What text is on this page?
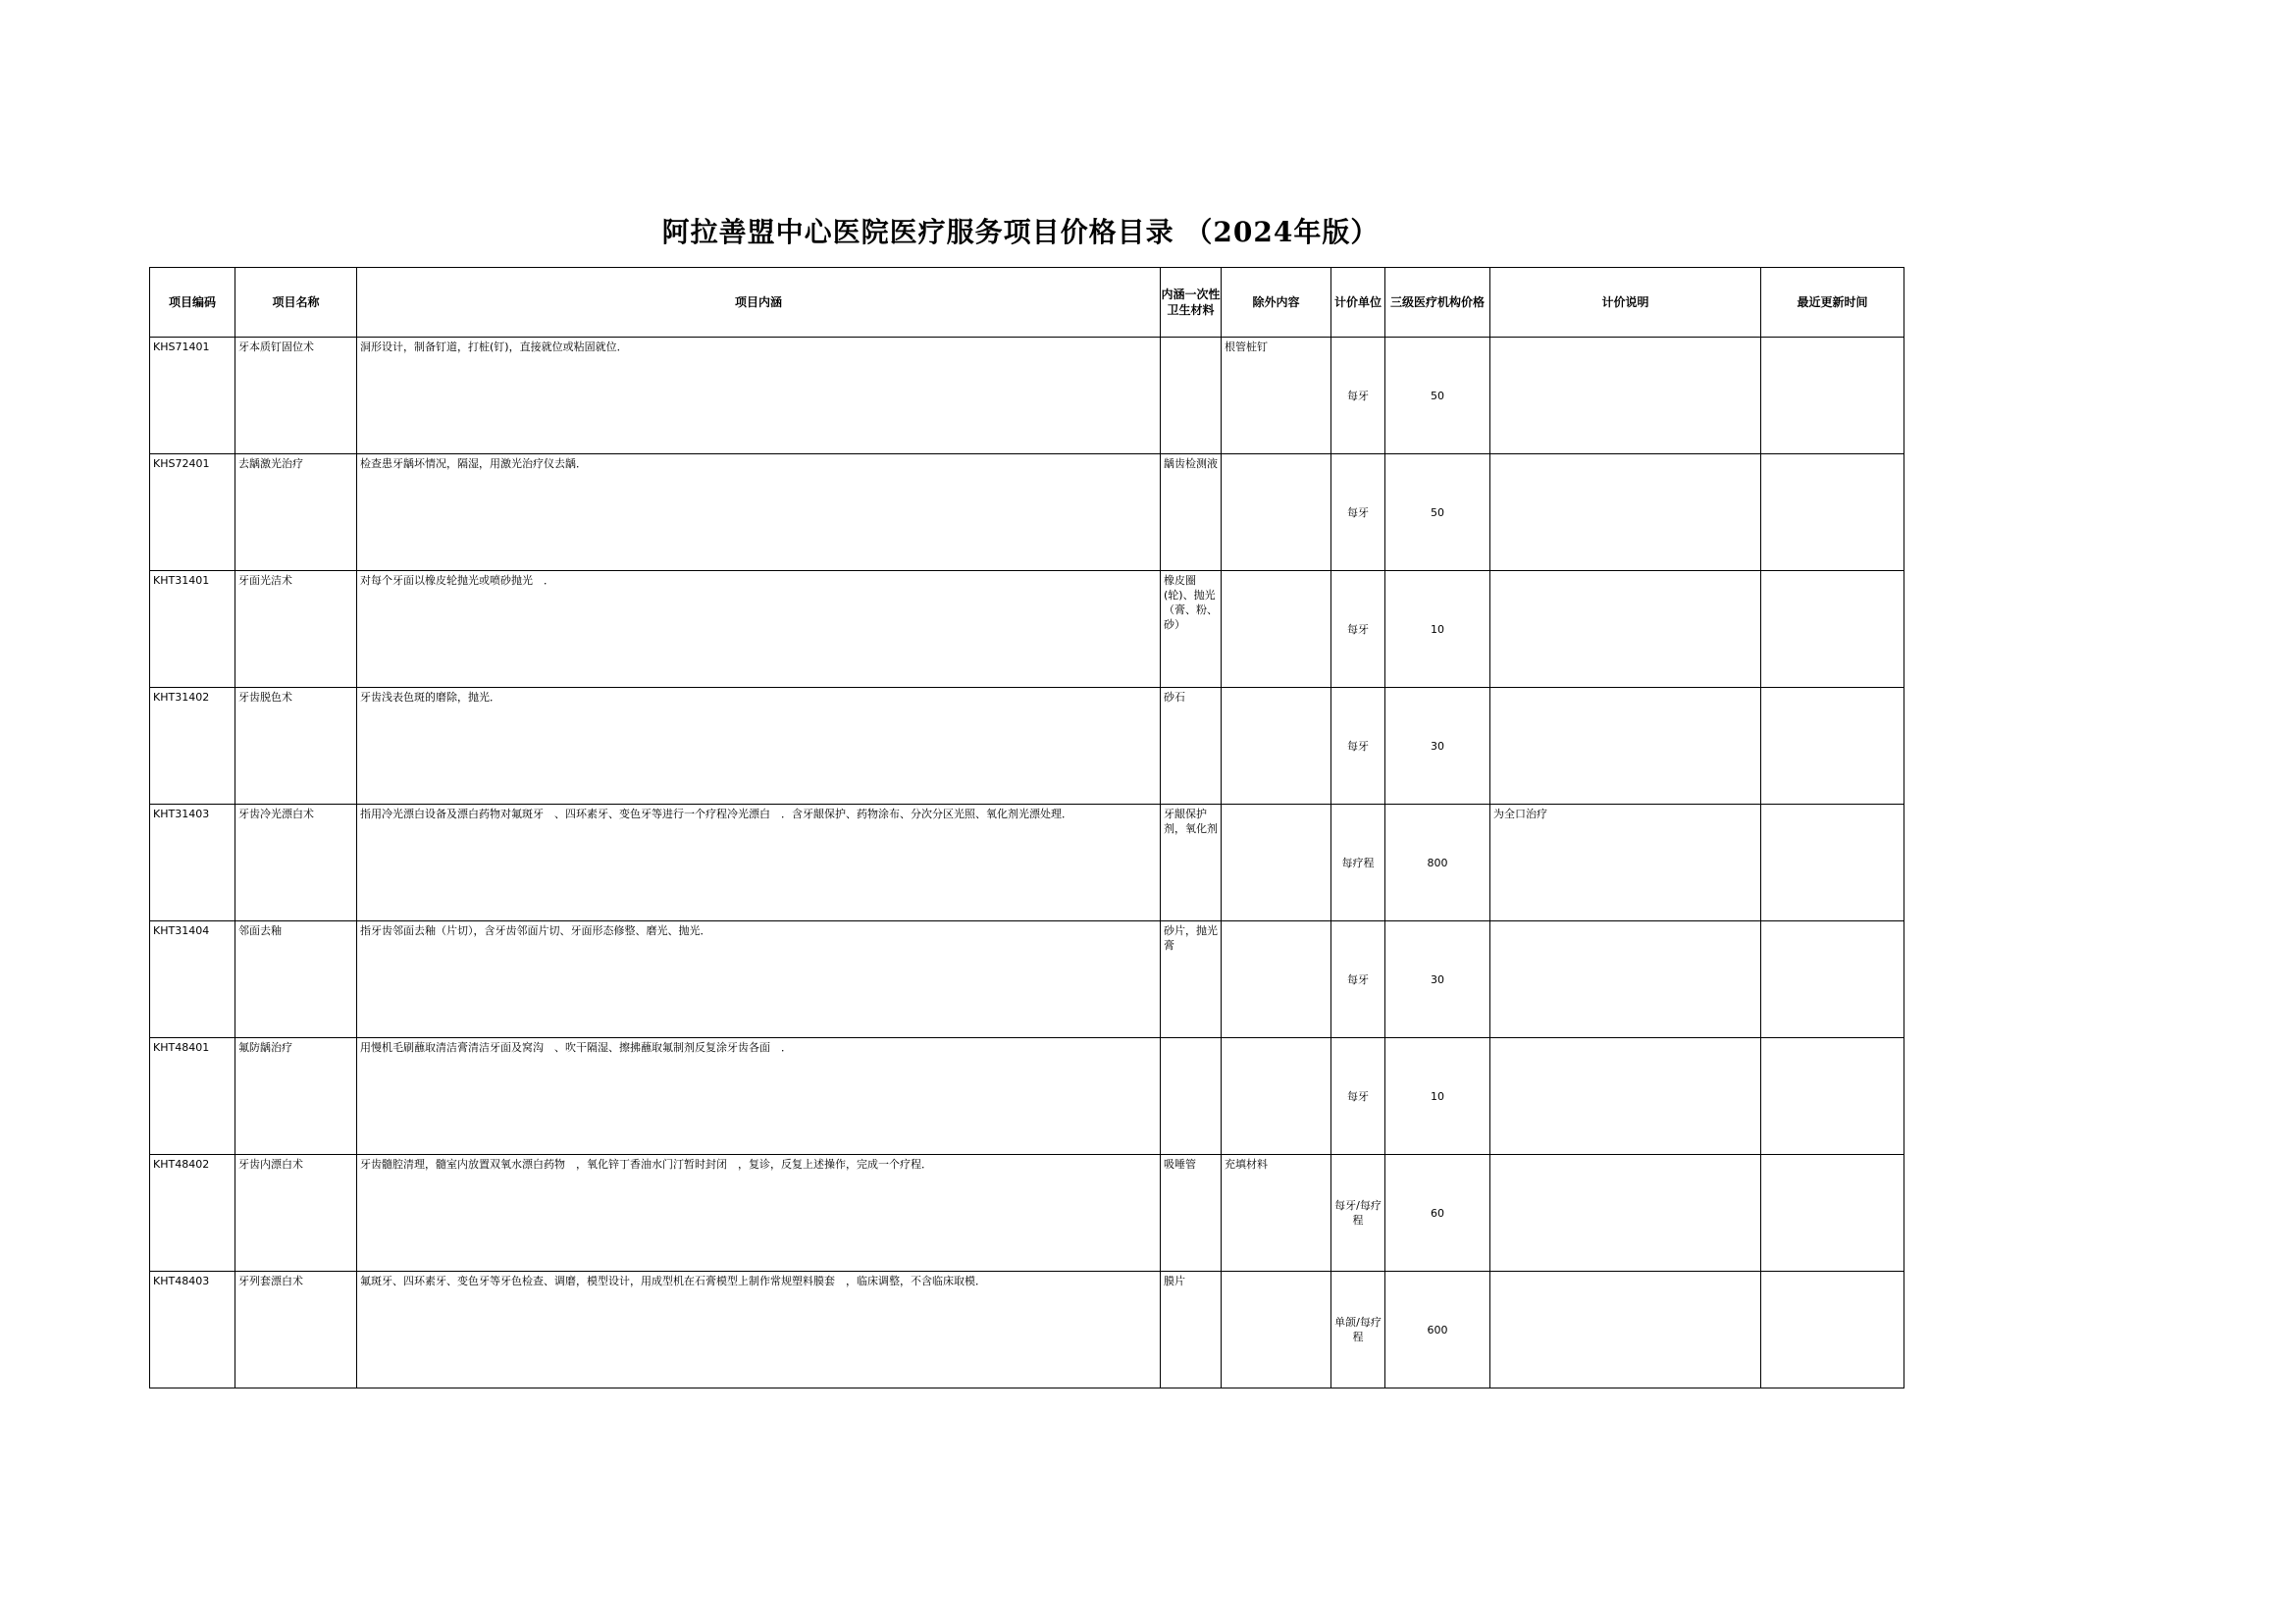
阿拉善盟中心医院医疗服务项目价格目录 （2024年版）
项目编码	项目名称	项目内涵	内涵一次性卫生材料	除外内容	计价单位	三级医疗机构价格	计价说明	最近更新时间
KHS71401	牙本质钉固位术	洞形设计，制备钉道，打桩(钉)，直接就位或粘固就位．		根管桩钉	每牙	50		
KHS72401	去龋激光治疗	检查患牙龋坏情况，隔湿，用激光治疗仪去龋．	龋齿检测液		每牙	50		
KHT31401	牙面光洁术	对每个牙面以橡皮轮抛光或喷砂抛光　．	橡皮圈(轮)、抛光（膏、粉、砂）		每牙	10		
KHT31402	牙齿脱色术	牙齿浅表色斑的磨除，抛光．	砂石		每牙	30		
KHT31403	牙齿冷光漂白术	指用冷光漂白设备及漂白药物对氟斑牙　、四环素牙、变色牙等进行一个疗程冷光漂白　．含牙龈保护、药物涂布、分次分区光照、氧化剂光漂处理．	牙龈保护剂，氧化剂		每疗程	800	为全口治疗	
KHT31404	邻面去釉	指牙齿邻面去釉（片切），含牙齿邻面片切、牙面形态修整、磨光、抛光．	砂片，抛光膏		每牙	30		
KHT48401	氟防龋治疗	用慢机毛刷蘸取清洁膏清洁牙面及窝沟　、吹干隔湿、擦拂蘸取氟制剂反复涂牙齿各面　．			每牙	10		
KHT48402	牙齿内漂白术	牙齿髓腔清理，髓室内放置双氧水漂白药物　，氧化锌丁香油水门汀暂时封闭　，复诊，反复上述操作，完成一个疗程．	吸唾管	充填材料	每牙/每疗程	60		
KHT48403	牙列套漂白术	氟斑牙、四环素牙、变色牙等牙色检查、调磨，模型设计，用成型机在石膏模型上制作常规塑料膜套　，临床调整，不含临床取模．	膜片		单颌/每疗程	600		
